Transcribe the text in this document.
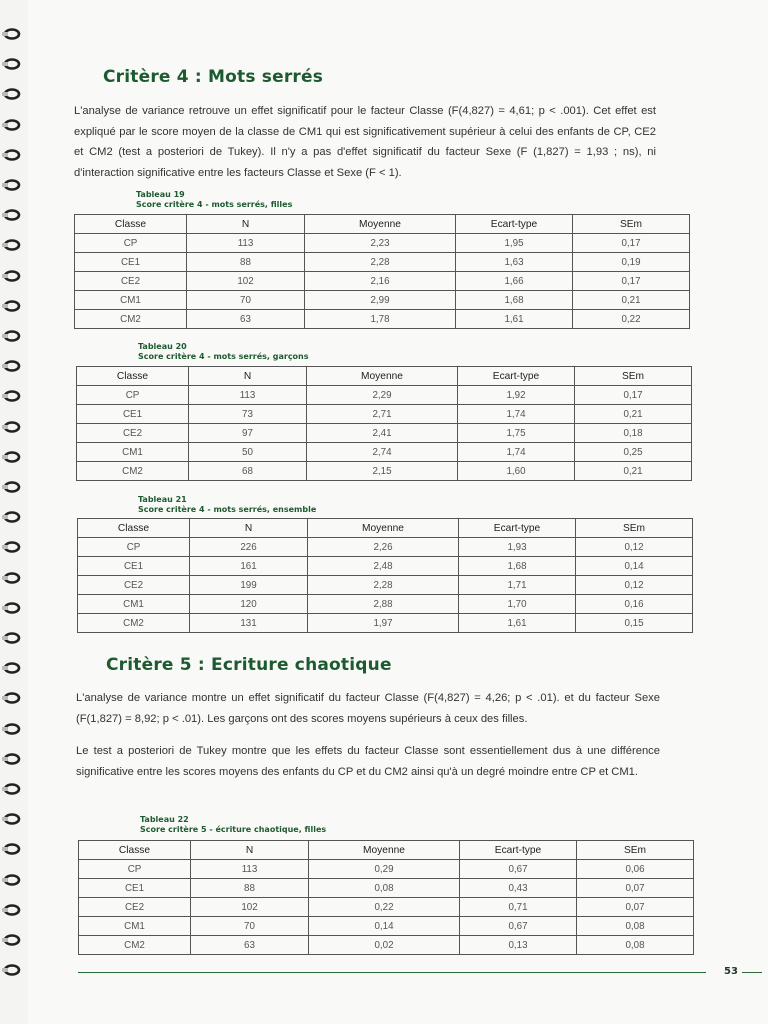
Critère 4 : Mots serrés

L'analyse de variance retrouve un effet significatif pour le facteur Classe (F(4,827) = 4,61; p < .001). Cet effet est expliqué par le score moyen de la classe de CM1 qui est significativement supérieur à celui des enfants de CP, CE2 et CM2 (test a posteriori de Tukey). Il n'y a pas d'effet significatif du facteur Sexe (F (1,827) = 1,93 ; ns), ni d'interaction significative entre les facteurs Classe et Sexe (F < 1).

Tableau 19
Score critère 4 - mots serrés, filles
Classe	N	Moyenne	Ecart-type	SEm
CP	113	2,23	1,95	0,17
CE1	88	2,28	1,63	0,19
CE2	102	2,16	1,66	0,17
CM1	70	2,99	1,68	0,21
CM2	63	1,78	1,61	0,22
Tableau 20
Score critère 4 - mots serrés, garçons
Classe	N	Moyenne	Ecart-type	SEm
CP	113	2,29	1,92	0,17
CE1	73	2,71	1,74	0,21
CE2	97	2,41	1,75	0,18
CM1	50	2,74	1,74	0,25
CM2	68	2,15	1,60	0,21
Tableau 21
Score critère 4 - mots serrés, ensemble
Classe	N	Moyenne	Ecart-type	SEm
CP	226	2,26	1,93	0,12
CE1	161	2,48	1,68	0,14
CE2	199	2,28	1,71	0,12
CM1	120	2,88	1,70	0,16
CM2	131	1,97	1,61	0,15
Critère 5 : Ecriture chaotique

L'analyse de variance montre un effet significatif du facteur Classe (F(4,827) = 4,26; p < .01). et du facteur Sexe (F(1,827) = 8,92; p < .01). Les garçons ont des scores moyens supérieurs à ceux des filles.

Le test a posteriori de Tukey montre que les effets du facteur Classe sont essentiellement dus à une différence significative entre les scores moyens des enfants du CP et du CM2 ainsi qu'à un degré moindre entre CP et CM1.

Tableau 22
Score critère 5 - écriture chaotique, filles
Classe	N	Moyenne	Ecart-type	SEm
CP	113	0,29	0,67	0,06
CE1	88	0,08	0,43	0,07
CE2	102	0,22	0,71	0,07
CM1	70	0,14	0,67	0,08
CM2	63	0,02	0,13	0,08
53
